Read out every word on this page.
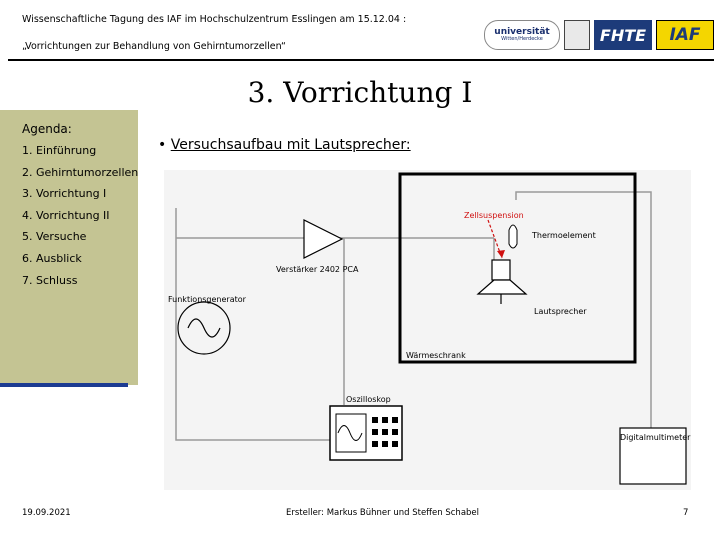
Wissenschaftliche Tagung des IAF im Hochschulzentrum Esslingen am 15.12.04 :
„Vorrichtungen zur Behandlung von Gehirntumorzellen“
universität
Witten/Herdecke	FHTE	IAF
3. Vorrichtung I
Agenda:
1. Einführung
2. Gehirntumorzellen
3. Vorrichtung I
4. Vorrichtung II
5. Versuche
6. Ausblick
7. Schluss
• Versuchsaufbau mit Lautsprecher:
Zellsuspension
Thermoelement
Verstärker 2402 PCA
Funktionsgenerator
Lautsprecher
Wärmeschrank
Oszilloskop
Digitalmultimeter
19.09.2021	Ersteller: Markus Bühner und Steffen Schabel	7
